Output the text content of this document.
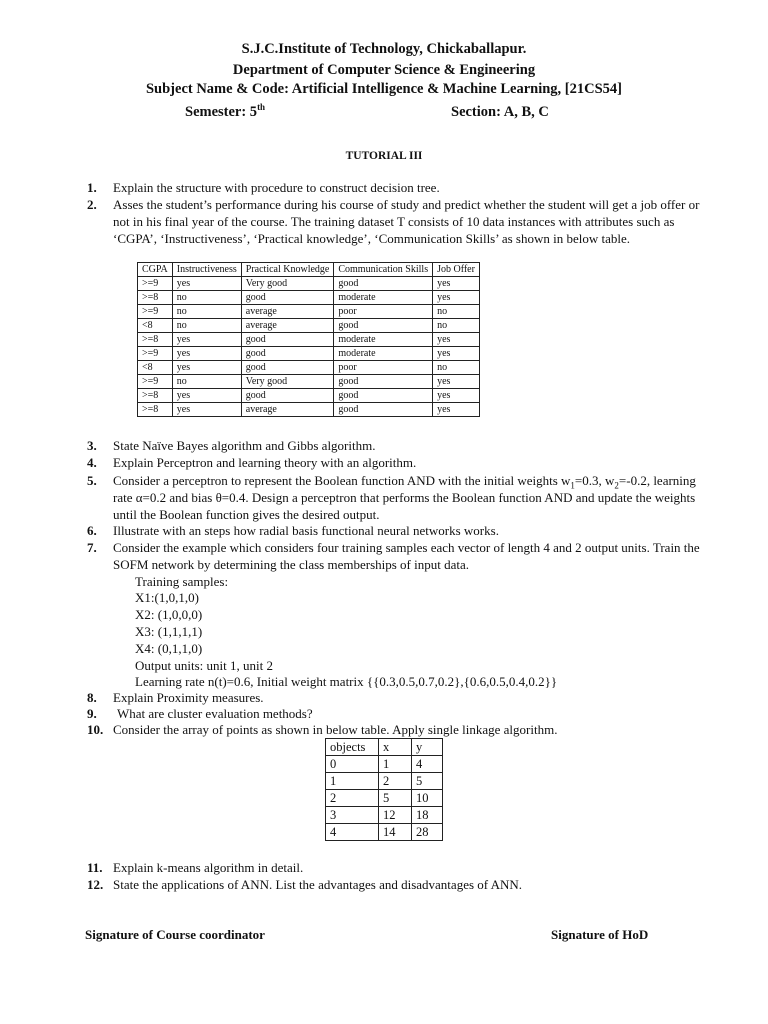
S.J.C.Institute of Technology, Chickaballapur.
Department of Computer Science & Engineering
Subject Name & Code: Artificial Intelligence & Machine Learning, [21CS54]
Semester: 5th	Section: A, B, C
TUTORIAL III
1. Explain the structure with procedure to construct decision tree.
2. Asses the student’s performance during his course of study and predict whether the student will get a job offer or not in his final year of the course. The training dataset T consists of 10 data instances with attributes such as ‘CGPA’, ‘Instructiveness’, ‘Practical knowledge’, ‘Communication Skills’ as shown in below table.
CGPA	Instructiveness	Practical Knowledge	Communication Skills	Job Offer
>=9	yes	Very good	good	yes
>=8	no	good	moderate	yes
>=9	no	average	poor	no
<8	no	average	good	no
>=8	yes	good	moderate	yes
>=9	yes	good	moderate	yes
<8	yes	good	poor	no
>=9	no	Very good	good	yes
>=8	yes	good	good	yes
>=8	yes	average	good	yes
3. State Naïve Bayes algorithm and Gibbs algorithm.
4. Explain Perceptron and learning theory with an algorithm.
5. Consider a perceptron to represent the Boolean function AND with the initial weights $w_1=0.3$, $w_2=-0.2$, learning rate α=0.2 and bias θ=0.4. Design a perceptron that performs the Boolean function AND and update the weights until the Boolean function gives the desired output.
6. Illustrate with an steps how radial basis functional neural networks works.
7. Consider the example which considers four training samples each vector of length 4 and 2 output units. Train the SOFM network by determining the class memberships of input data.
Training samples:
X1:(1,0,1,0)
X2: (1,0,0,0)
X3: (1,1,1,1)
X4: (0,1,1,0)
Output units: unit 1, unit 2
Learning rate n(t)=0.6, Initial weight matrix {{0.3,0.5,0.7,0.2},{0.6,0.5,0.4,0.2}}
8. Explain Proximity measures.
9. What are cluster evaluation methods?
10. Consider the array of points as shown in below table. Apply single linkage algorithm.
objects	x	y
0	1	4
1	2	5
2	5	10
3	12	18
4	14	28
11. Explain k-means algorithm in detail.
12. State the applications of ANN. List the advantages and disadvantages of ANN.
Signature of Course coordinator	Signature of HoD
